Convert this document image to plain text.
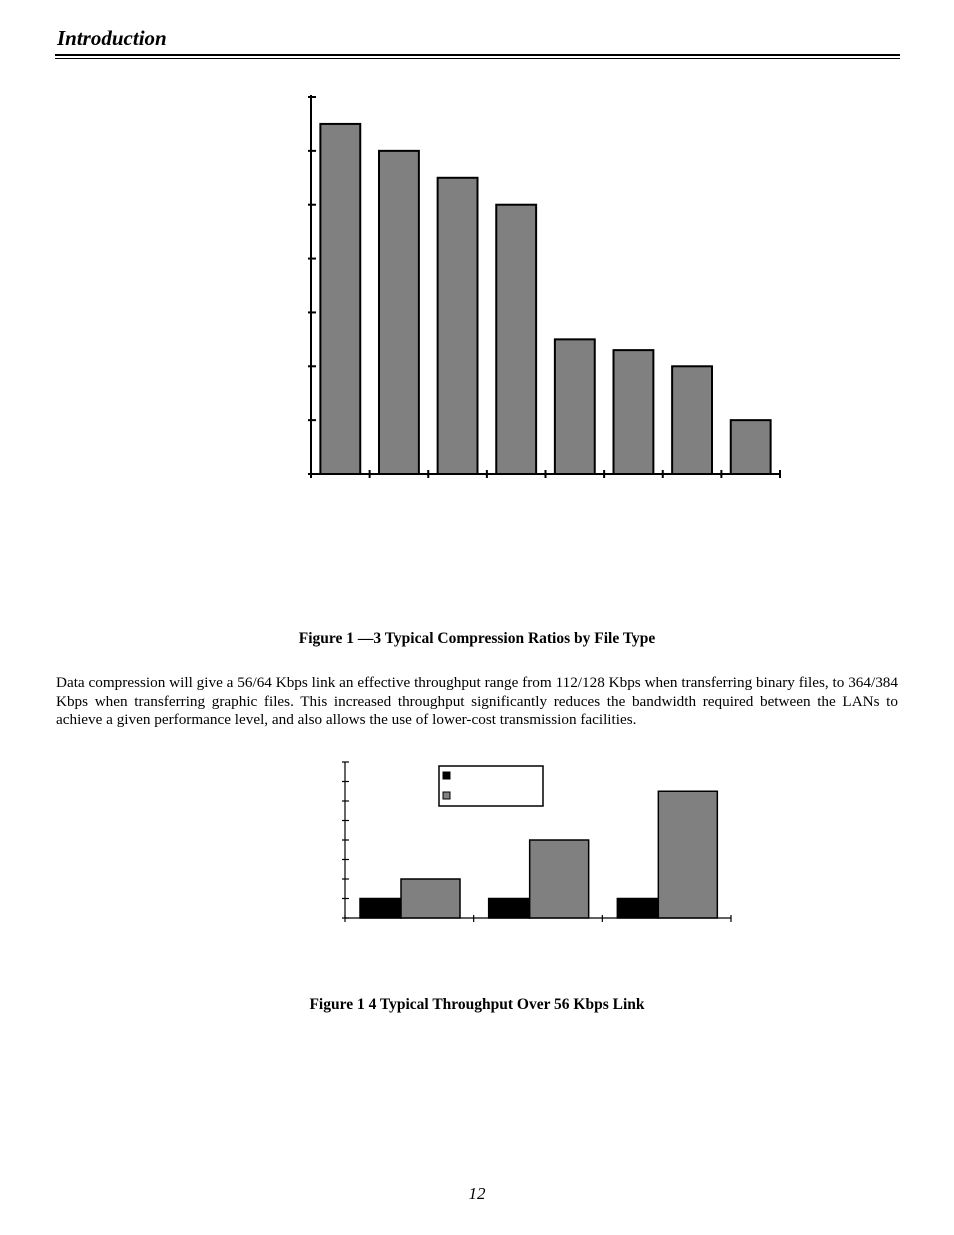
Introduction

Figure 1 —3 Typical Compression Ratios by File Type

Data compression will give a 56/64 Kbps link an effective throughput range from 112/128 Kbps when transferring binary files, to 364/384 Kbps when transferring graphic files. This increased throughput significantly reduces the bandwidth required between the LANs to achieve a given performance level, and also allows the use of lower-cost transmission facilities.

Figure 1 4 Typical Throughput Over 56 Kbps Link

12
